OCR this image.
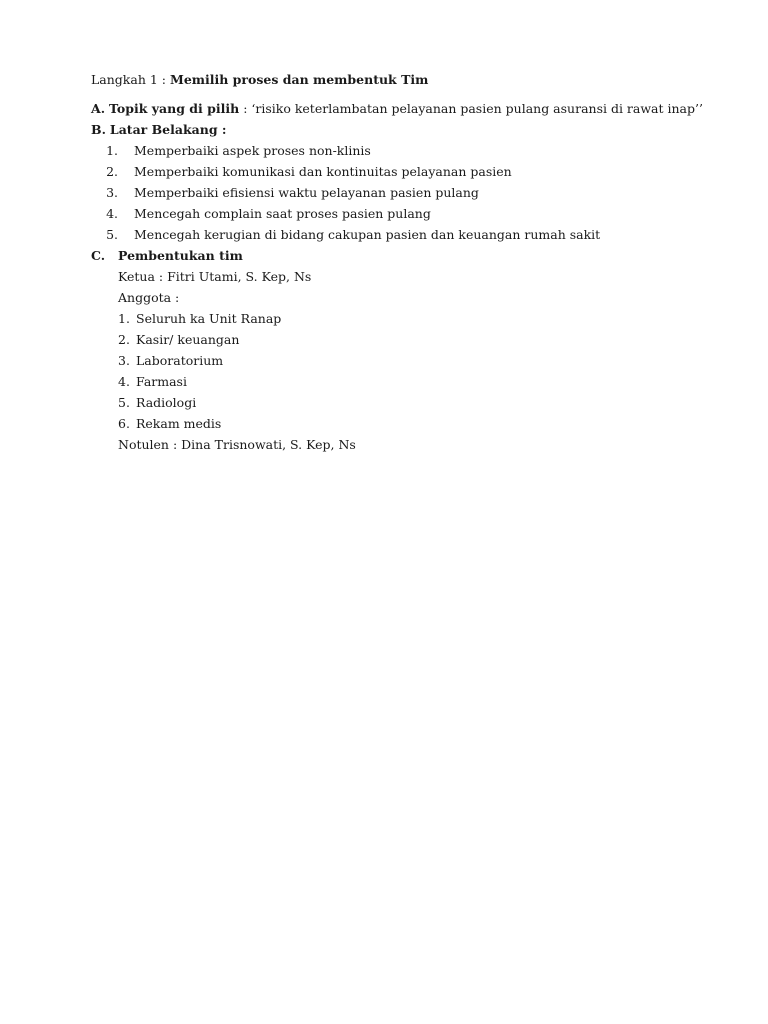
Langkah 1 : Memilih proses dan membentuk Tim
A. Topik yang di pilih : ‘risiko keterlambatan pelayanan pasien pulang asuransi di rawat inap’’
B. Latar Belakang :
1. Memperbaiki aspek proses non-klinis
2. Memperbaiki komunikasi dan kontinuitas pelayanan pasien
3. Memperbaiki efisiensi waktu pelayanan pasien pulang
4. Mencegah complain saat proses pasien pulang
5. Mencegah kerugian di bidang cakupan pasien dan keuangan rumah sakit
C. Pembentukan tim
Ketua : Fitri Utami, S. Kep, Ns
Anggota :
1. Seluruh ka Unit Ranap
2. Kasir/ keuangan
3. Laboratorium
4. Farmasi
5. Radiologi
6. Rekam medis
Notulen : Dina Trisnowati, S. Kep, Ns
